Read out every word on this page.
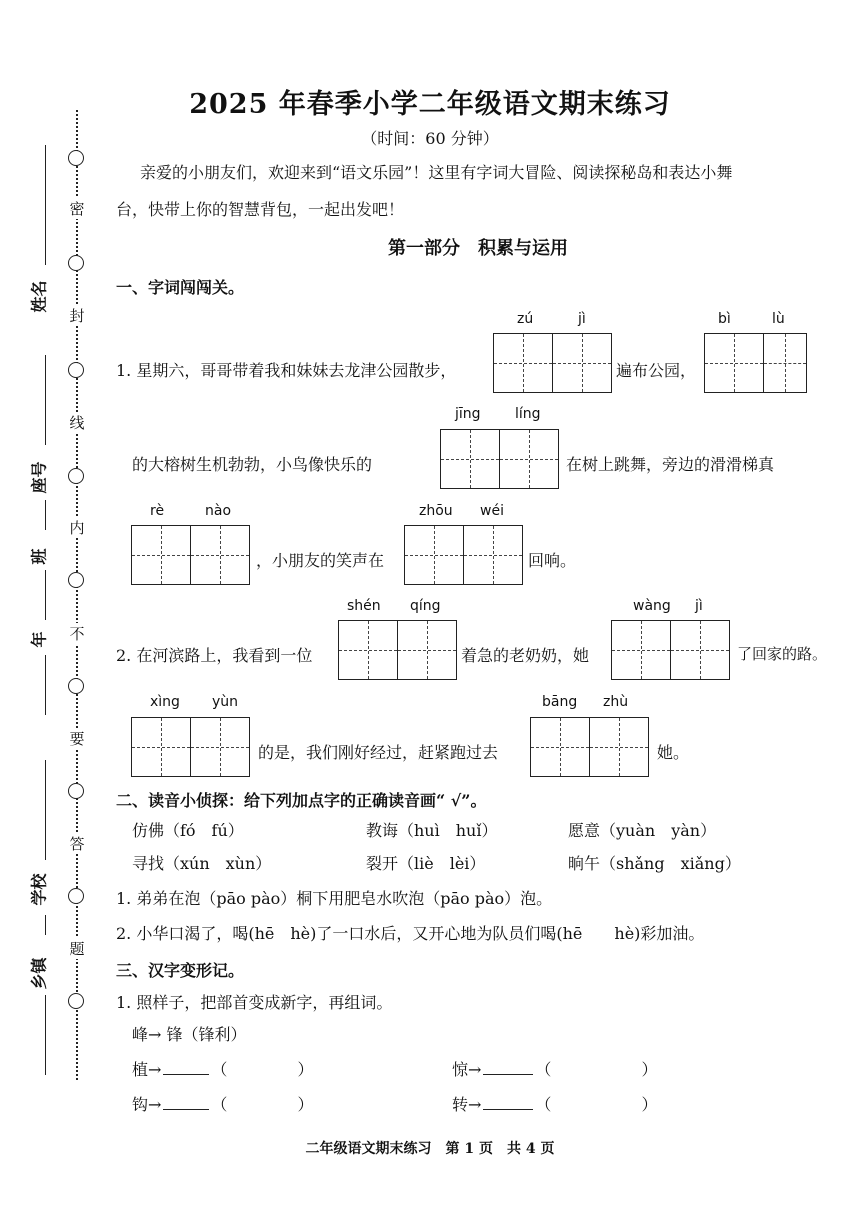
2025 年春季小学二年级语文期末练习
（时间：60 分钟）
密
封
线
内
不
要
答
题
姓名
座号
班
年
学校
乡镇
亲爱的小朋友们，欢迎来到“语文乐园”！这里有字词大冒险、阅读探秘岛和表达小舞
台，快带上你的智慧背包，一起出发吧！
第一部分　积累与运用
一、字词闯闯关。
zú	jì	bì	lù
1. 星期六，哥哥带着我和妹妹去龙津公园散步，	遍布公园，
jīng líng
的大榕树生机勃勃，小鸟像快乐的	在树上跳舞，旁边的滑滑梯真
rè	nào	zhōu wéi
，小朋友的笑声在	回响。
shén qíng	wàng jì
2. 在河滨路上，我看到一位	着急的老奶奶，她	了回家的路。
xìng yùn	bāng zhù
的是，我们刚好经过，赶紧跑过去	她。
二、读音小侦探：给下列加点字的正确读音画“ √”。
仿佛（fó　fú）	教诲（huì　huǐ）	愿意（yuàn　yàn）
寻找（xún　xùn）	裂开（liè　lèi）	晌午（shǎng　xiǎng）
1. 弟弟在泡（pāo pào）桐下用肥皂水吹泡（pāo pào）泡。
2. 小华口渴了，喝(hē　hè)了一口水后，又开心地为队员们喝(hē　　hè)彩加油。
三、汉字变形记。
1. 照样子，把部首变成新字，再组词。
峰→ 锋（锋利）
植→	（	）	惊→	（	）
钩→	（	）	转→	（	）
二年级语文期末练习　第 1 页　共 4 页
